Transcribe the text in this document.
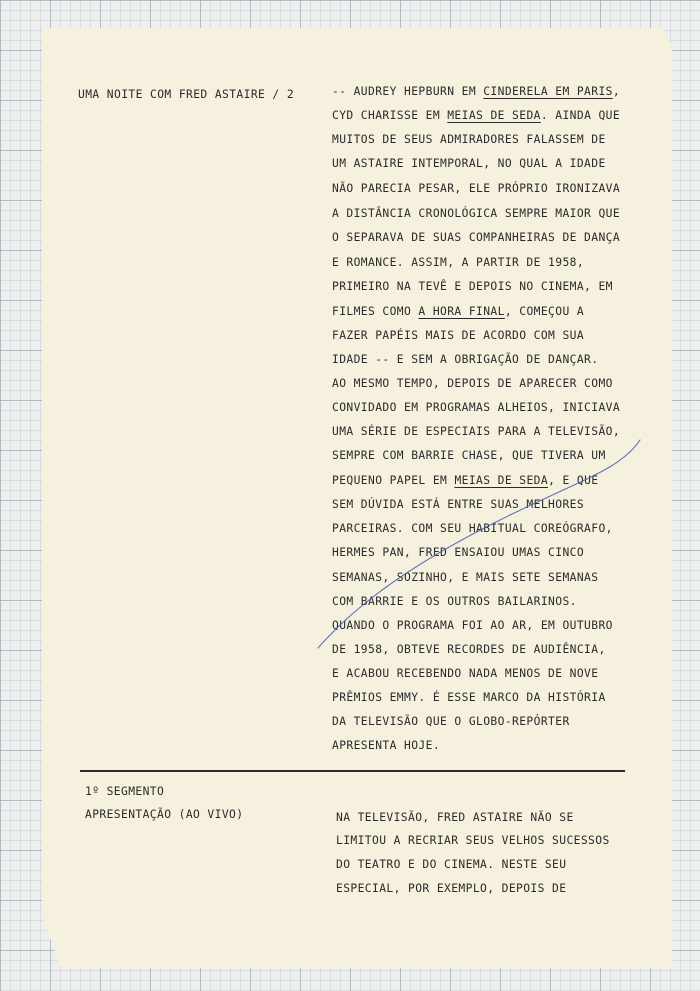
UMA NOITE COM FRED ASTAIRE / 2	-- AUDREY HEPBURN EM CINDERELA EM PARIS,
CYD CHARISSE EM MEIAS DE SEDA. AINDA QUE
MUITOS DE SEUS ADMIRADORES FALASSEM DE
UM ASTAIRE INTEMPORAL, NO QUAL A IDADE
NÃO PARECIA PESAR, ELE PRÓPRIO IRONIZAVA
A DISTÂNCIA CRONOLÓGICA SEMPRE MAIOR QUE
O SEPARAVA DE SUAS COMPANHEIRAS DE DANÇA
E ROMANCE. ASSIM, A PARTIR DE 1958,
PRIMEIRO NA TEVÊ E DEPOIS NO CINEMA, EM
FILMES COMO A HORA FINAL, COMEÇOU A
FAZER PAPÉIS MAIS DE ACORDO COM SUA
IDADE -- E SEM A OBRIGAÇÃO DE DANÇAR.
AO MESMO TEMPO, DEPOIS DE APARECER COMO
CONVIDADO EM PROGRAMAS ALHEIOS, INICIAVA
UMA SÉRIE DE ESPECIAIS PARA A TELEVISÃO,
SEMPRE COM BARRIE CHASE, QUE TIVERA UM
PEQUENO PAPEL EM MEIAS DE SEDA, E QUE
SEM DÚVIDA ESTÁ ENTRE SUAS MELHORES
PARCEIRAS. COM SEU HABITUAL COREÓGRAFO,
HERMES PAN, FRED ENSAIOU UMAS CINCO
SEMANAS, SOZINHO, E MAIS SETE SEMANAS
COM BARRIE E OS OUTROS BAILARINOS.
QUANDO O PROGRAMA FOI AO AR, EM OUTUBRO
DE 1958, OBTEVE RECORDES DE AUDIÊNCIA,
E ACABOU RECEBENDO NADA MENOS DE NOVE
PRÊMIOS EMMY. É ESSE MARCO DA HISTÓRIA
DA TELEVISÃO QUE O GLOBO-REPÓRTER
APRESENTA HOJE.
1º SEGMENTO
APRESENTAÇÃO (AO VIVO)	NA TELEVISÃO, FRED ASTAIRE NÃO SE
LIMITOU A RECRIAR SEUS VELHOS SUCESSOS
DO TEATRO E DO CINEMA. NESTE SEU
ESPECIAL, POR EXEMPLO, DEPOIS DE
